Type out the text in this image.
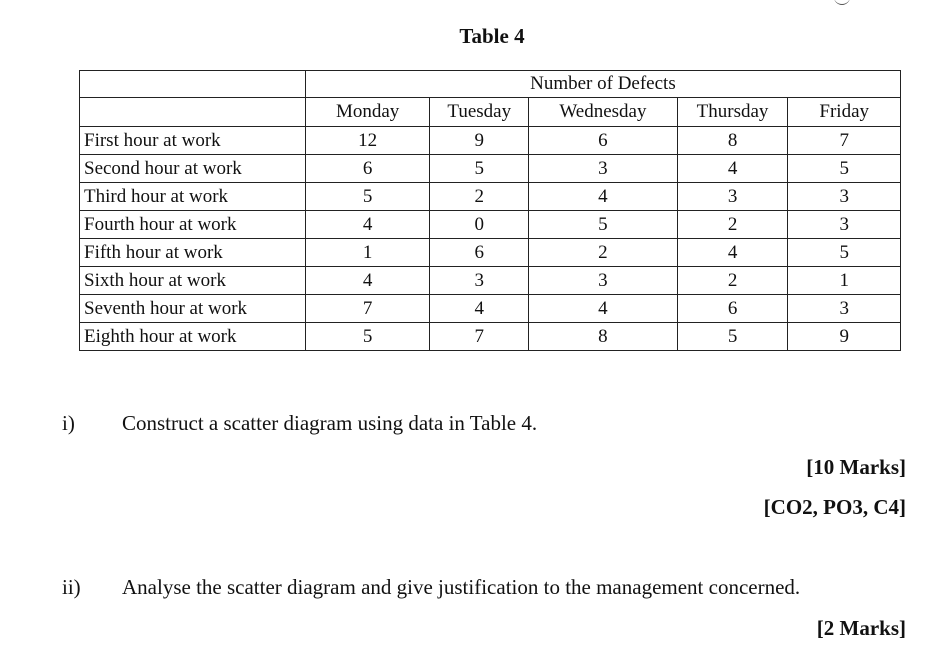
Table 4
	Number of Defects				
	Monday	Tuesday	Wednesday	Thursday	Friday
First hour at work	12	9	6	8	7
Second hour at work	6	5	3	4	5
Third hour at work	5	2	4	3	3
Fourth hour at work	4	0	5	2	3
Fifth hour at work	1	6	2	4	5
Sixth hour at work	4	3	3	2	1
Seventh hour at work	7	4	4	6	3
Eighth hour at work	5	7	8	5	9
i) Construct a scatter diagram using data in Table 4.
[10 Marks]
[CO2, PO3, C4]
ii) Analyse the scatter diagram and give justification to the management concerned.
[2 Marks]
